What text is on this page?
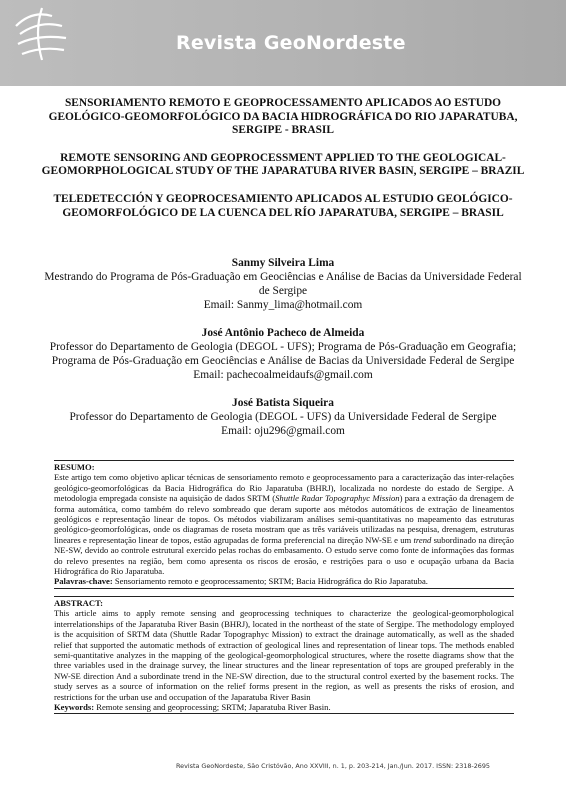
Revista GeoNordeste

SENSORIAMENTO REMOTO E GEOPROCESSAMENTO APLICADOS AO ESTUDO GEOLÓGICO-GEOMORFOLÓGICO DA BACIA HIDROGRÁFICA DO RIO JAPARATUBA, SERGIPE - BRASIL

REMOTE SENSORING AND GEOPROCESSMENT APPLIED TO THE GEOLOGICAL-GEOMORPHOLOGICAL STUDY OF THE JAPARATUBA RIVER BASIN, SERGIPE – BRAZIL

TELEDETECCIÓN Y GEOPROCESAMIENTO APLICADOS AL ESTUDIO GEOLÓGICO-GEOMORFOLÓGICO DE LA CUENCA DEL RÍO JAPARATUBA, SERGIPE – BRASIL

Sanmy Silveira Lima
Mestrando do Programa de Pós-Graduação em Geociências e Análise de Bacias da Universidade Federal de Sergipe
Email: Sanmy_lima@hotmail.com
José Antônio Pacheco de Almeida
Professor do Departamento de Geologia (DEGOL - UFS); Programa de Pós-Graduação em Geografia; Programa de Pós-Graduação em Geociências e Análise de Bacias da Universidade Federal de Sergipe
Email: pachecoalmeidaufs@gmail.com
José Batista Siqueira
Professor do Departamento de Geologia (DEGOL - UFS) da Universidade Federal de Sergipe
Email: oju296@gmail.com
RESUMO:
Este artigo tem como objetivo aplicar técnicas de sensoriamento remoto e geoprocessamento para a caracterização das inter-relações geológico-geomorfológicas da Bacia Hidrográfica do Rio Japaratuba (BHRJ), localizada no nordeste do estado de Sergipe. A metodologia empregada consiste na aquisição de dados SRTM (Shuttle Radar Topographyc Mission) para a extração da drenagem de forma automática, como também do relevo sombreado que deram suporte aos métodos automáticos de extração de lineamentos geológicos e representação linear de topos. Os métodos viabilizaram análises semi-quantitativas no mapeamento das estruturas geológico-geomorfológicas, onde os diagramas de roseta mostram que as três variáveis utilizadas na pesquisa, drenagem, estruturas lineares e representação linear de topos, estão agrupadas de forma preferencial na direção NW-SE e um trend subordinado na direção NE-SW, devido ao controle estrutural exercido pelas rochas do embasamento. O estudo serve como fonte de informações das formas do relevo presentes na região, bem como apresenta os riscos de erosão, e restrições para o uso e ocupação urbana da Bacia Hidrográfica do Rio Japaratuba.
Palavras-chave: Sensoriamento remoto e geoprocessamento; SRTM; Bacia Hidrográfica do Rio Japaratuba.
ABSTRACT:
This article aims to apply remote sensing and geoprocessing techniques to characterize the geological-geomorphological interrelationships of the Japaratuba River Basin (BHRJ), located in the northeast of the state of Sergipe. The methodology employed is the acquisition of SRTM data (Shuttle Radar Topographyc Mission) to extract the drainage automatically, as well as the shaded relief that supported the automatic methods of extraction of geological lines and representation of linear tops. The methods enabled semi-quantitative analyzes in the mapping of the geological-geomorphological structures, where the rosette diagrams show that the three variables used in the drainage survey, the linear structures and the linear representation of tops are grouped preferably in the NW-SE direction And a subordinate trend in the NE-SW direction, due to the structural control exerted by the basement rocks. The study serves as a source of information on the relief forms present in the region, as well as presents the risks of erosion, and restrictions for the urban use and occupation of the Japaratuba River Basin
Keywords: Remote sensing and geoprocessing; SRTM; Japaratuba River Basin.
Revista GeoNordeste, São Cristóvão, Ano XXVIII, n. 1, p. 203-214, Jan./Jun. 2017. ISSN: 2318-2695
